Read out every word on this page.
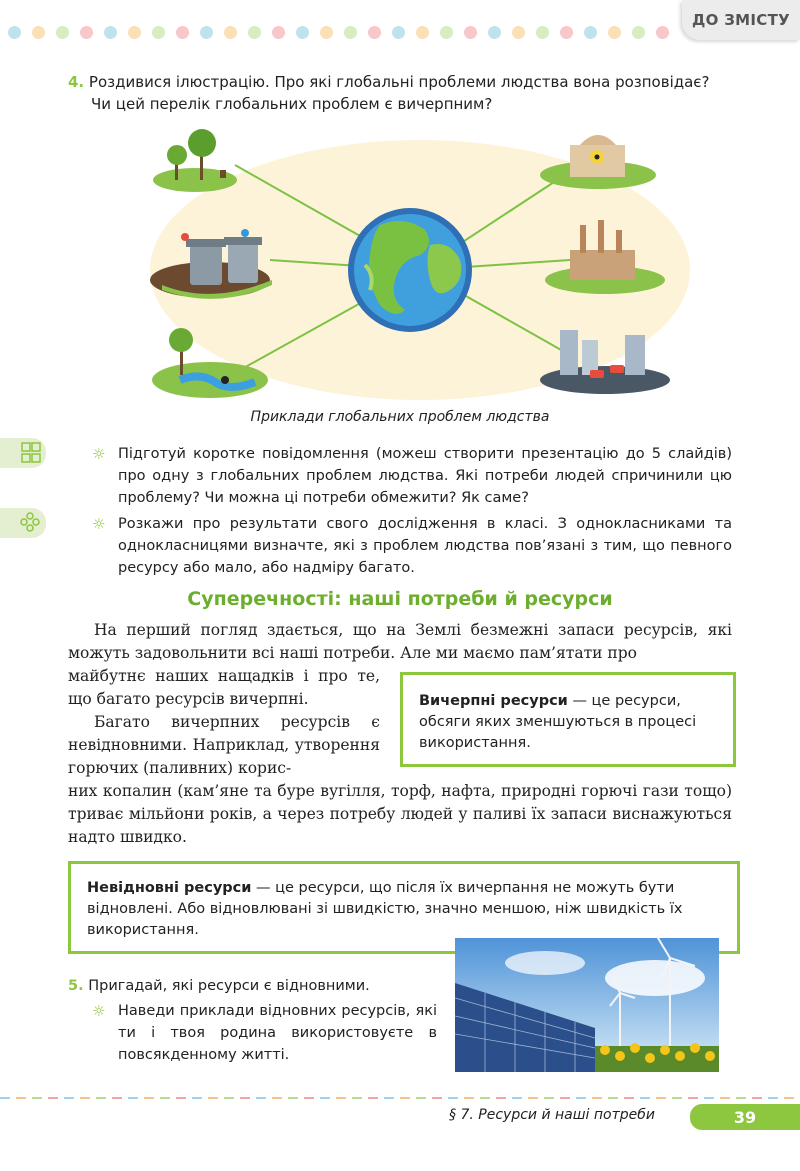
ДО ЗМІСТУ
4. Роздивися ілюстрацію. Про які глобальні проблеми людства вона розповідає?
Чи цей перелік глобальних проблем є вичерпним?
Приклади глобальних проблем людства
☼ Підготуй коротке повідомлення (можеш створити презентацію до 5 слайдів) про одну з глобальних проблем людства. Які потреби людей спричинили цю проблему? Чи можна ці потреби обмежити? Як саме?
☼ Розкажи про результати свого дослідження в класі. З однокласниками та однокласницями визначте, які з проблем людства пов’язані з тим, що певного ресурсу або мало, або надміру багато.
Суперечності: наші потреби й ресурси
На перший погляд здається, що на Землі безмежні запаси ресурсів, які можуть задовольнити всі наші потреби. Але ми маємо пам’ятати про
майбутнє наших нащадків і про те, що багато ресурсів вичерпні.
Багато вичерпних ресурсів є невідновними. Наприклад, утворення горючих (паливних) корис-
них копалин (кам’яне та буре вугілля, торф, нафта, природні горючі гази тощо) триває мільйони років, а через потребу людей у паливі їх запаси виснажуються надто швидко.
Вичерпні ресурси — це ресурси, обсяги яких зменшуються в процесі використання.
Невідновні ресурси — це ресурси, що після їх вичерпання не можуть бути відновлені. Або відновлювані зі швидкістю, значно меншою, ніж швидкість їх використання.
5. Пригадай, які ресурси є відновними.
☼ Наведи приклади відновних ресурсів, які ти і твоя родина використовуєте в повсякденному житті.
§ 7. Ресурси й наші потреби	39
